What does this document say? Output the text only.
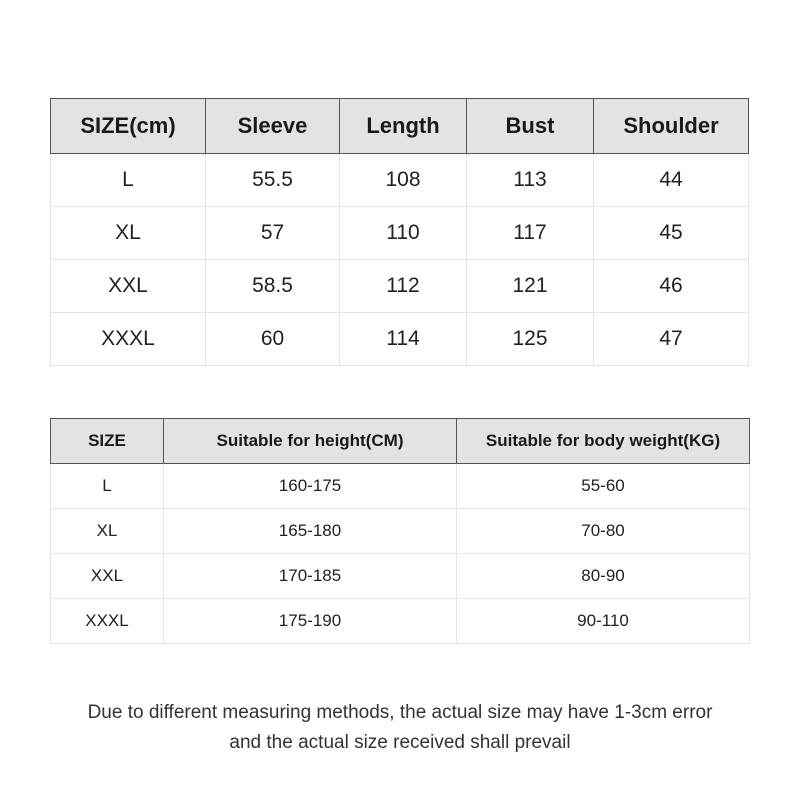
SIZE(cm)	Sleeve	Length	Bust	Shoulder
L	55.5	108	113	44
XL	57	110	117	45
XXL	58.5	112	121	46
XXXL	60	114	125	47
SIZE	Suitable for height(CM)	Suitable for body weight(KG)
L	160-175	55-60
XL	165-180	70-80
XXL	170-185	80-90
XXXL	175-190	90-110
Due to different measuring methods, the actual size may have 1-3cm error
and the actual size received shall prevail
